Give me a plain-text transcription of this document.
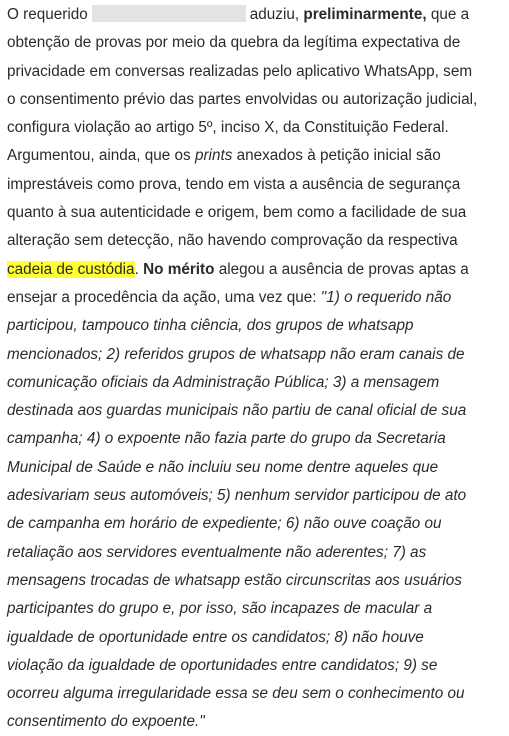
O requerido	aduziu, preliminarmente, que a
obtenção de provas por meio da quebra da legítima expectativa de
privacidade em conversas realizadas pelo aplicativo WhatsApp, sem
o consentimento prévio das partes envolvidas ou autorização judicial,
configura violação ao artigo 5º, inciso X, da Constituição Federal.
Argumentou, ainda, que os prints anexados à petição inicial são
imprestáveis como prova, tendo em vista a ausência de segurança
quanto à sua autenticidade e origem, bem como a facilidade de sua
alteração sem detecção, não havendo comprovação da respectiva
cadeia de custódia. No mérito alegou a ausência de provas aptas a
ensejar a procedência da ação, uma vez que: "1) o requerido não
participou, tampouco tinha ciência, dos grupos de whatsapp
mencionados; 2) referidos grupos de whatsapp não eram canais de
comunicação oficiais da Administração Pública; 3) a mensagem
destinada aos guardas municipais não partiu de canal oficial de sua
campanha; 4) o expoente não fazia parte do grupo da Secretaria
Municipal de Saúde e não incluiu seu nome dentre aqueles que
adesivariam seus automóveis; 5) nenhum servidor participou de ato
de campanha em horário de expediente; 6) não ouve coação ou
retaliação aos servidores eventualmente não aderentes; 7) as
mensagens trocadas de whatsapp estão circunscritas aos usuários
participantes do grupo e, por isso, são incapazes de macular a
igualdade de oportunidade entre os candidatos; 8) não houve
violação da igualdade de oportunidades entre candidatos; 9) se
ocorreu alguma irregularidade essa se deu sem o conhecimento ou
consentimento do expoente."
